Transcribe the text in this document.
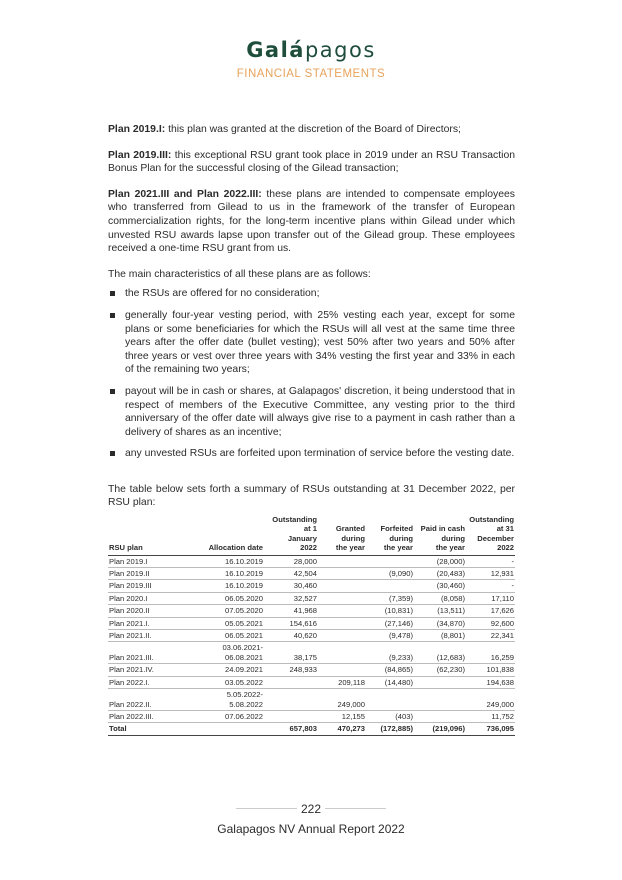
Galápagos
FINANCIAL STATEMENTS

Plan 2019.I: this plan was granted at the discretion of the Board of Directors;

Plan 2019.III: this exceptional RSU grant took place in 2019 under an RSU Transaction Bonus Plan for the successful closing of the Gilead transaction;

Plan 2021.III and Plan 2022.III: these plans are intended to compensate employees who transferred from Gilead to us in the framework of the transfer of European commercialization rights, for the long-term incentive plans within Gilead under which unvested RSU awards lapse upon transfer out of the Gilead group. These employees received a one-time RSU grant from us.

The main characteristics of all these plans are as follows:

the RSUs are offered for no consideration;
generally four-year vesting period, with 25% vesting each year, except for some plans or some beneficiaries for which the RSUs will all vest at the same time three years after the offer date (bullet vesting); vest 50% after two years and 50% after three years or vest over three years with 34% vesting the first year and 33% in each of the remaining two years;
payout will be in cash or shares, at Galapagos' discretion, it being understood that in respect of members of the Executive Committee, any vesting prior to the third anniversary of the offer date will always give rise to a payment in cash rather than a delivery of shares as an incentive;
any unvested RSUs are forfeited upon termination of service before the vesting date.

The table below sets forth a summary of RSUs outstanding at 31 December 2022, per RSU plan:

RSU plan	Allocation date	Outstanding
at 1
January
2022	Granted
during
the year	Forfeited
during
the year	Paid in cash
during
the year	Outstanding
at 31
December
2022
Plan 2019.I	16.10.2019	28,000			(28,000)	-
Plan 2019.II	16.10.2019	42,504		(9,090)	(20,483)	12,931
Plan 2019.III	16.10.2019	30,460			(30,460)	-
Plan 2020.I	06.05.2020	32,527		(7,359)	(8,058)	17,110
Plan 2020.II	07.05.2020	41,968		(10,831)	(13,511)	17,626
Plan 2021.I.	05.05.2021	154,616		(27,146)	(34,870)	92,600
Plan 2021.II.	06.05.2021	40,620		(9,478)	(8,801)	22,341
Plan 2021.III.	03.06.2021-
06.08.2021	38,175		(9,233)	(12,683)	16,259
Plan 2021.IV.	24.09.2021	248,933		(84,865)	(62,230)	101,838
Plan 2022.I.	03.05.2022		209,118	(14,480)		194,638
Plan 2022.II.	5.05.2022-
5.08.2022		249,000			249,000
Plan 2022.III.	07.06.2022		12,155	(403)		11,752
Total		657,803	470,273	(172,885)	(219,096)	736,095
222
Galapagos NV Annual Report 2022
